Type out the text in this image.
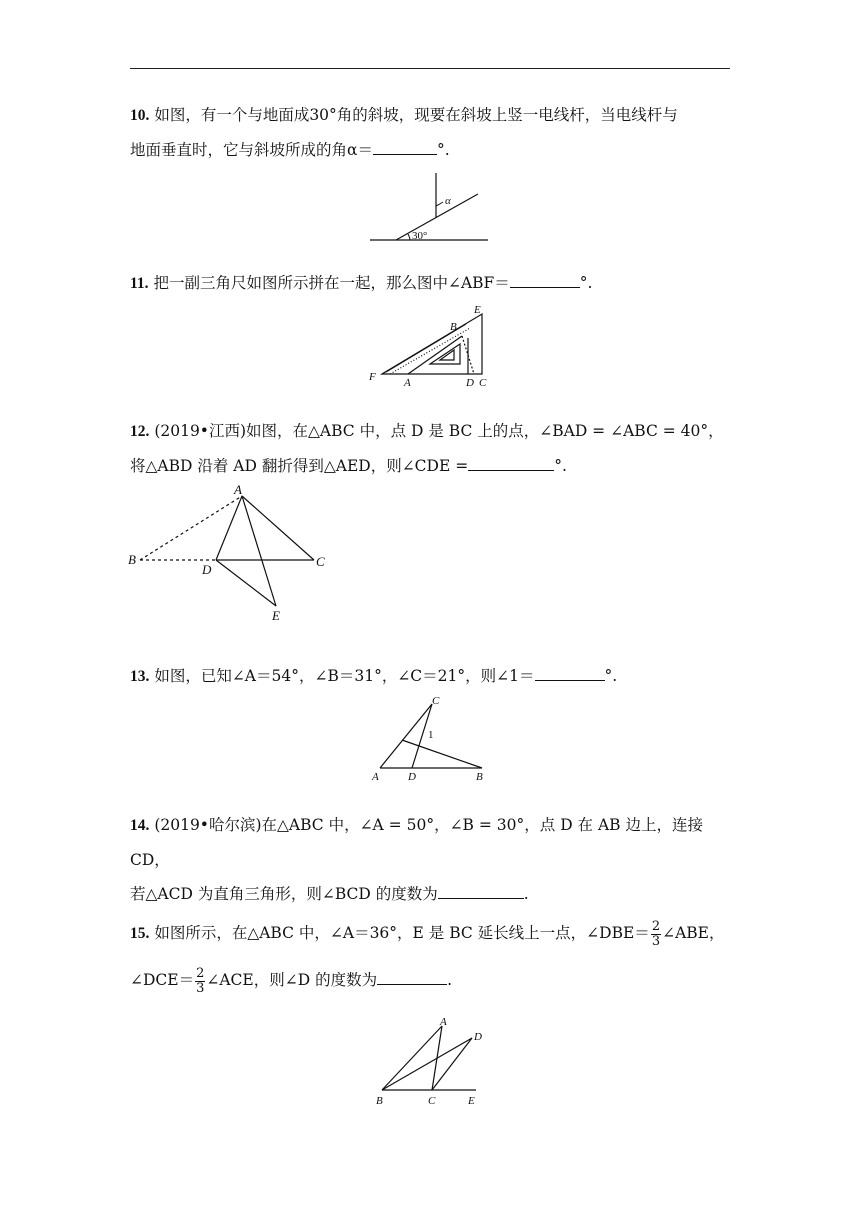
10. 如图，有一个与地面成30°角的斜坡，现要在斜坡上竖一电线杆，当电线杆与
地面垂直时，它与斜坡所成的角α＝	°.
α
30°
11. 把一副三角尺如图所示拼在一起，那么图中∠ABF＝	°.
E
B
F	A	D C
12. (2019•江西)如图，在△ABC 中，点 D 是 BC 上的点，∠BAD = ∠ABC = 40°，
将△ABD 沿着 AD 翻折得到△AED，则∠CDE =	°.
A
B
D
C
E
13. 如图，已知∠A＝54°，∠B＝31°，∠C＝21°，则∠1＝	°.
C
1
A	D	B
14. (2019•哈尔滨)在△ABC 中，∠A = 50°，∠B = 30°，点 D 在 AB 边上，连接 CD，
若△ACD 为直角三角形，则∠BCD 的度数为	.
15. 如图所示，在△ABC 中，∠A＝36°，E 是 BC 延长线上一点，∠DBE＝ $\frac{2}{3}$ ∠ABE，
∠DCE＝ $\frac{2}{3}$ ∠ACE，则∠D 的度数为	.
A
D
B	C	E
